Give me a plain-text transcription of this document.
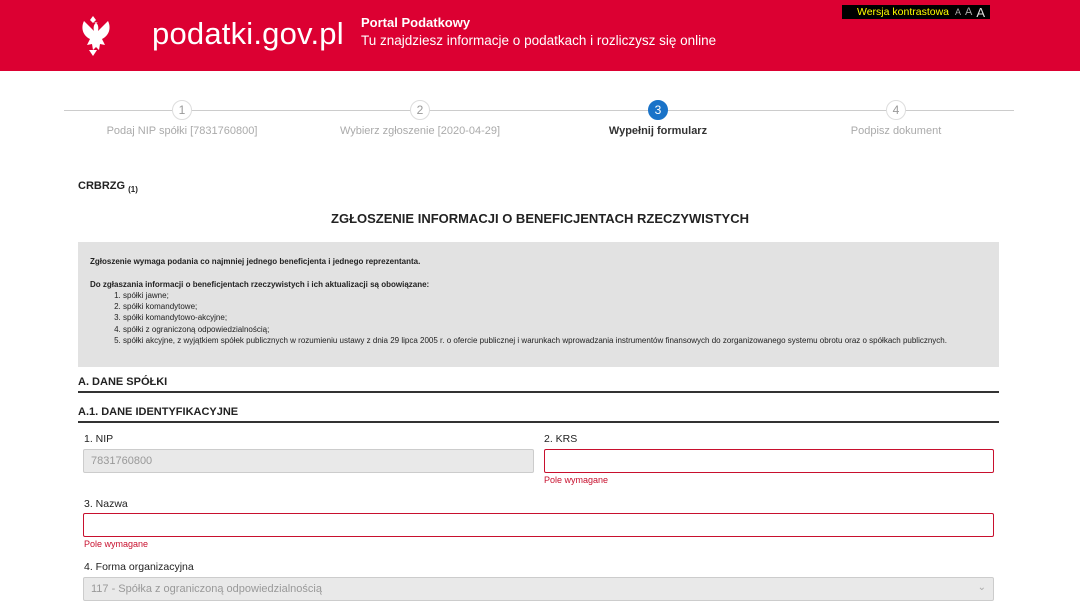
podatki.gov.pl Portal Podatkowy
Tu znajdziesz informacje o podatkach i rozliczysz się online
Wersja kontrastowa A A A
1
Podaj NIP spółki [7831760800]
2
Wybierz zgłoszenie [2020-04-29]
3
Wypełnij formularz
4
Podpisz dokument
CRBRZG $_{(1)}$
ZGŁOSZENIE INFORMACJI O BENEFICJENTACH RZECZYWISTYCH
Zgłoszenie wymaga podania co najmniej jednego beneficjenta i jednego reprezentanta.

Do zgłaszania informacji o beneficjentach rzeczywistych i ich aktualizacji są obowiązane:
1. spółki jawne;
2. spółki komandytowe;
3. spółki komandytowo-akcyjne;
4. spółki z ograniczoną odpowiedzialnością;
5. spółki akcyjne, z wyjątkiem spółek publicznych w rozumieniu ustawy z dnia 29 lipca 2005 r. o ofercie publicznej i warunkach wprowadzania instrumentów finansowych do zorganizowanego systemu obrotu oraz o spółkach publicznych.
A. DANE SPÓŁKI
A.1. DANE IDENTYFIKACYJNE
1. NIP
7831760800
2. KRS
Pole wymagane
3. Nazwa
Pole wymagane
4. Forma organizacyjna
117 - Spółka z ograniczoną odpowiedzialnością	⌄
